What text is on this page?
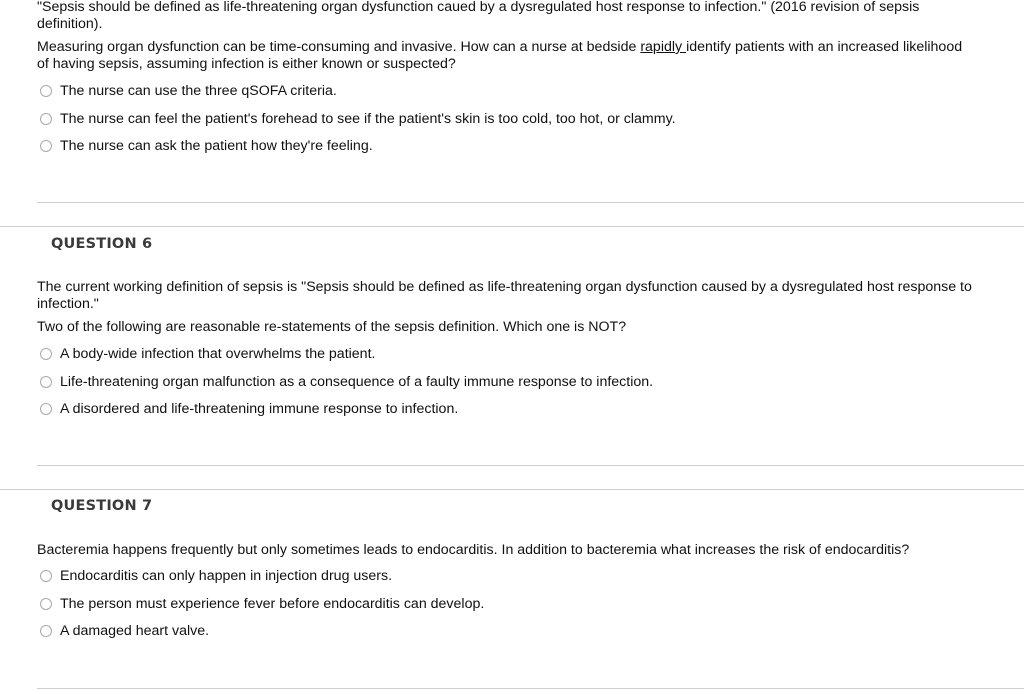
"Sepsis should be defined as life-threatening organ dysfunction caued by a dysregulated host response to infection." (2016 revision of sepsis definition).

Measuring organ dysfunction can be time-consuming and invasive. How can a nurse at bedside rapidly identify patients with an increased likelihood of having sepsis, assuming infection is either known or suspected?

The nurse can use the three qSOFA criteria.
The nurse can feel the patient's forehead to see if the patient's skin is too cold, too hot, or clammy.
The nurse can ask the patient how they're feeling.
QUESTION 6

The current working definition of sepsis is "Sepsis should be defined as life-threatening organ dysfunction caused by a dysregulated host response to infection."

Two of the following are reasonable re-statements of the sepsis definition. Which one is NOT?

A body-wide infection that overwhelms the patient.
Life-threatening organ malfunction as a consequence of a faulty immune response to infection.
A disordered and life-threatening immune response to infection.
QUESTION 7

Bacteremia happens frequently but only sometimes leads to endocarditis. In addition to bacteremia what increases the risk of endocarditis?

Endocarditis can only happen in injection drug users.
The person must experience fever before endocarditis can develop.
A damaged heart valve.
